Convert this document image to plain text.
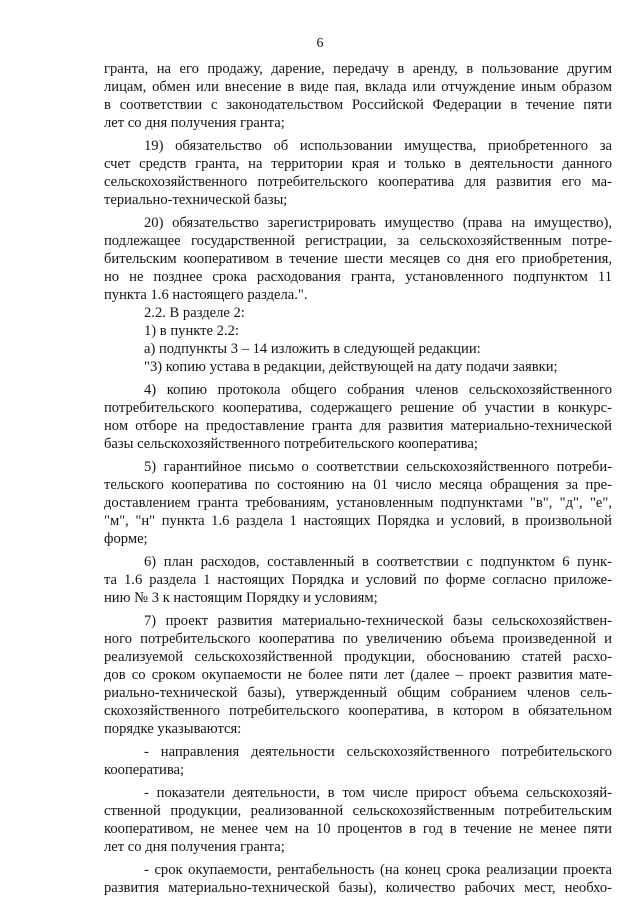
6
гранта, на его продажу, дарение, передачу в аренду, в пользование другим
лицам, обмен или внесение в виде пая, вклада или отчуждение иным образом
в соответствии с законодательством Российской Федерации в течение пяти
лет со дня получения гранта;
19) обязательство об использовании имущества, приобретенного за
счет средств гранта, на территории края и только в деятельности данного
сельскохозяйственного потребительского кооператива для развития его ма-
териально-технической базы;
20) обязательство зарегистрировать имущество (права на имущество),
подлежащее государственной регистрации, за сельскохозяйственным потре-
бительским кооперативом в течение шести месяцев со дня его приобретения,
но не позднее срока расходования гранта, установленного подпунктом 11
пункта 1.6 настоящего раздела.".
2.2. В разделе 2:
1) в пункте 2.2:
а) подпункты 3 – 14 изложить в следующей редакции:
"3) копию устава в редакции, действующей на дату подачи заявки;
4) копию протокола общего собрания членов сельскохозяйственного
потребительского кооператива, содержащего решение об участии в конкурс-
ном отборе на предоставление гранта для развития материально-технической
базы сельскохозяйственного потребительского кооператива;
5) гарантийное письмо о соответствии сельскохозяйственного потреби-
тельского кооператива по состоянию на 01 число месяца обращения за пре-
доставлением гранта требованиям, установленным подпунктами "в", "д", "е",
"м", "н" пункта 1.6 раздела 1 настоящих Порядка и условий, в произвольной
форме;
6) план расходов, составленный в соответствии с подпунктом 6 пунк-
та 1.6 раздела 1 настоящих Порядка и условий по форме согласно приложе-
нию № 3 к настоящим Порядку и условиям;
7) проект развития материально-технической базы сельскохозяйствен-
ного потребительского кооператива по увеличению объема произведенной и
реализуемой сельскохозяйственной продукции, обоснованию статей расхо-
дов со сроком окупаемости не более пяти лет (далее – проект развития мате-
риально-технической базы), утвержденный общим собранием членов сель-
скохозяйственного потребительского кооператива, в котором в обязательном
порядке указываются:
- направления деятельности сельскохозяйственного потребительского
кооператива;
- показатели деятельности, в том числе прирост объема сельскохозяй-
ственной продукции, реализованной сельскохозяйственным потребительским
кооперативом, не менее чем на 10 процентов в год в течение не менее пяти
лет со дня получения гранта;
- срок окупаемости, рентабельность (на конец срока реализации проекта
развития материально-технической базы), количество рабочих мест, необхо-
